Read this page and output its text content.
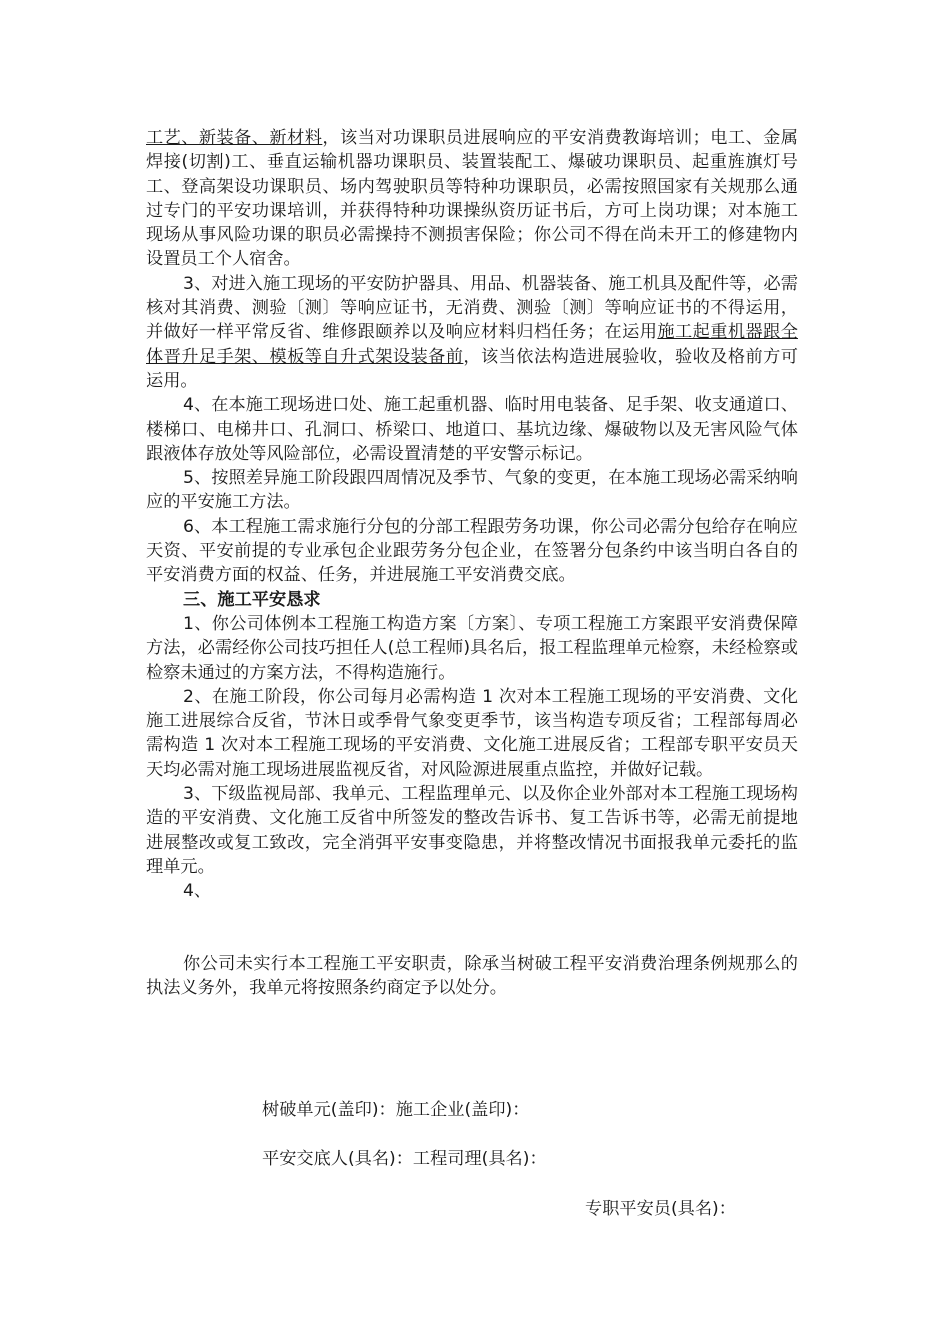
工艺、新装备、新材料，该当对功课职员进展响应的平安消费教诲培训；电工、金属焊接(切割)工、垂直运输机器功课职员、装置装配工、爆破功课职员、起重旌旗灯号工、登高架设功课职员、场内驾驶职员等特种功课职员，必需按照国家有关规那么通过专门的平安功课培训，并获得特种功课操纵资历证书后，方可上岗功课；对本施工现场从事风险功课的职员必需操持不测损害保险；你公司不得在尚未开工的修建物内设置员工个人宿舍。

3、对进入施工现场的平安防护器具、用品、机器装备、施工机具及配件等，必需核对其消费、测验〔测〕等响应证书，无消费、测验〔测〕等响应证书的不得运用，并做好一样平常反省、维修跟颐养以及响应材料归档任务；在运用施工起重机器跟全体晋升足手架、模板等自升式架设装备前，该当依法构造进展验收，验收及格前方可运用。

4、在本施工现场进口处、施工起重机器、临时用电装备、足手架、收支通道口、楼梯口、电梯井口、孔洞口、桥梁口、地道口、基坑边缘、爆破物以及无害风险气体跟液体存放处等风险部位，必需设置清楚的平安警示标记。

5、按照差异施工阶段跟四周情况及季节、气象的变更，在本施工现场必需采纳响应的平安施工方法。

6、本工程施工需求施行分包的分部工程跟劳务功课，你公司必需分包给存在响应天资、平安前提的专业承包企业跟劳务分包企业，在签署分包条约中该当明白各自的平安消费方面的权益、任务，并进展施工平安消费交底。

三、施工平安恳求

1、你公司体例本工程施工构造方案〔方案〕、专项工程施工方案跟平安消费保障方法，必需经你公司技巧担任人(总工程师)具名后，报工程监理单元检察，未经检察或检察未通过的方案方法，不得构造施行。

2、在施工阶段，你公司每月必需构造 1 次对本工程施工现场的平安消费、文化施工进展综合反省，节沐日或季骨气象变更季节，该当构造专项反省；工程部每周必需构造 1 次对本工程施工现场的平安消费、文化施工进展反省；工程部专职平安员天天均必需对施工现场进展监视反省，对风险源进展重点监控，并做好记载。

3、下级监视局部、我单元、工程监理单元、以及你企业外部对本工程施工现场构造的平安消费、文化施工反省中所签发的整改告诉书、复工告诉书等，必需无前提地进展整改或复工致改，完全消弭平安事变隐患，并将整改情况书面报我单元委托的监理单元。

4、

你公司未实行本工程施工平安职责，除承当树破工程平安消费治理条例规那么的执法义务外，我单元将按照条约商定予以处分。

树破单元(盖印)：施工企业(盖印)：
平安交底人(具名)：工程司理(具名)：
专职平安员(具名)：
